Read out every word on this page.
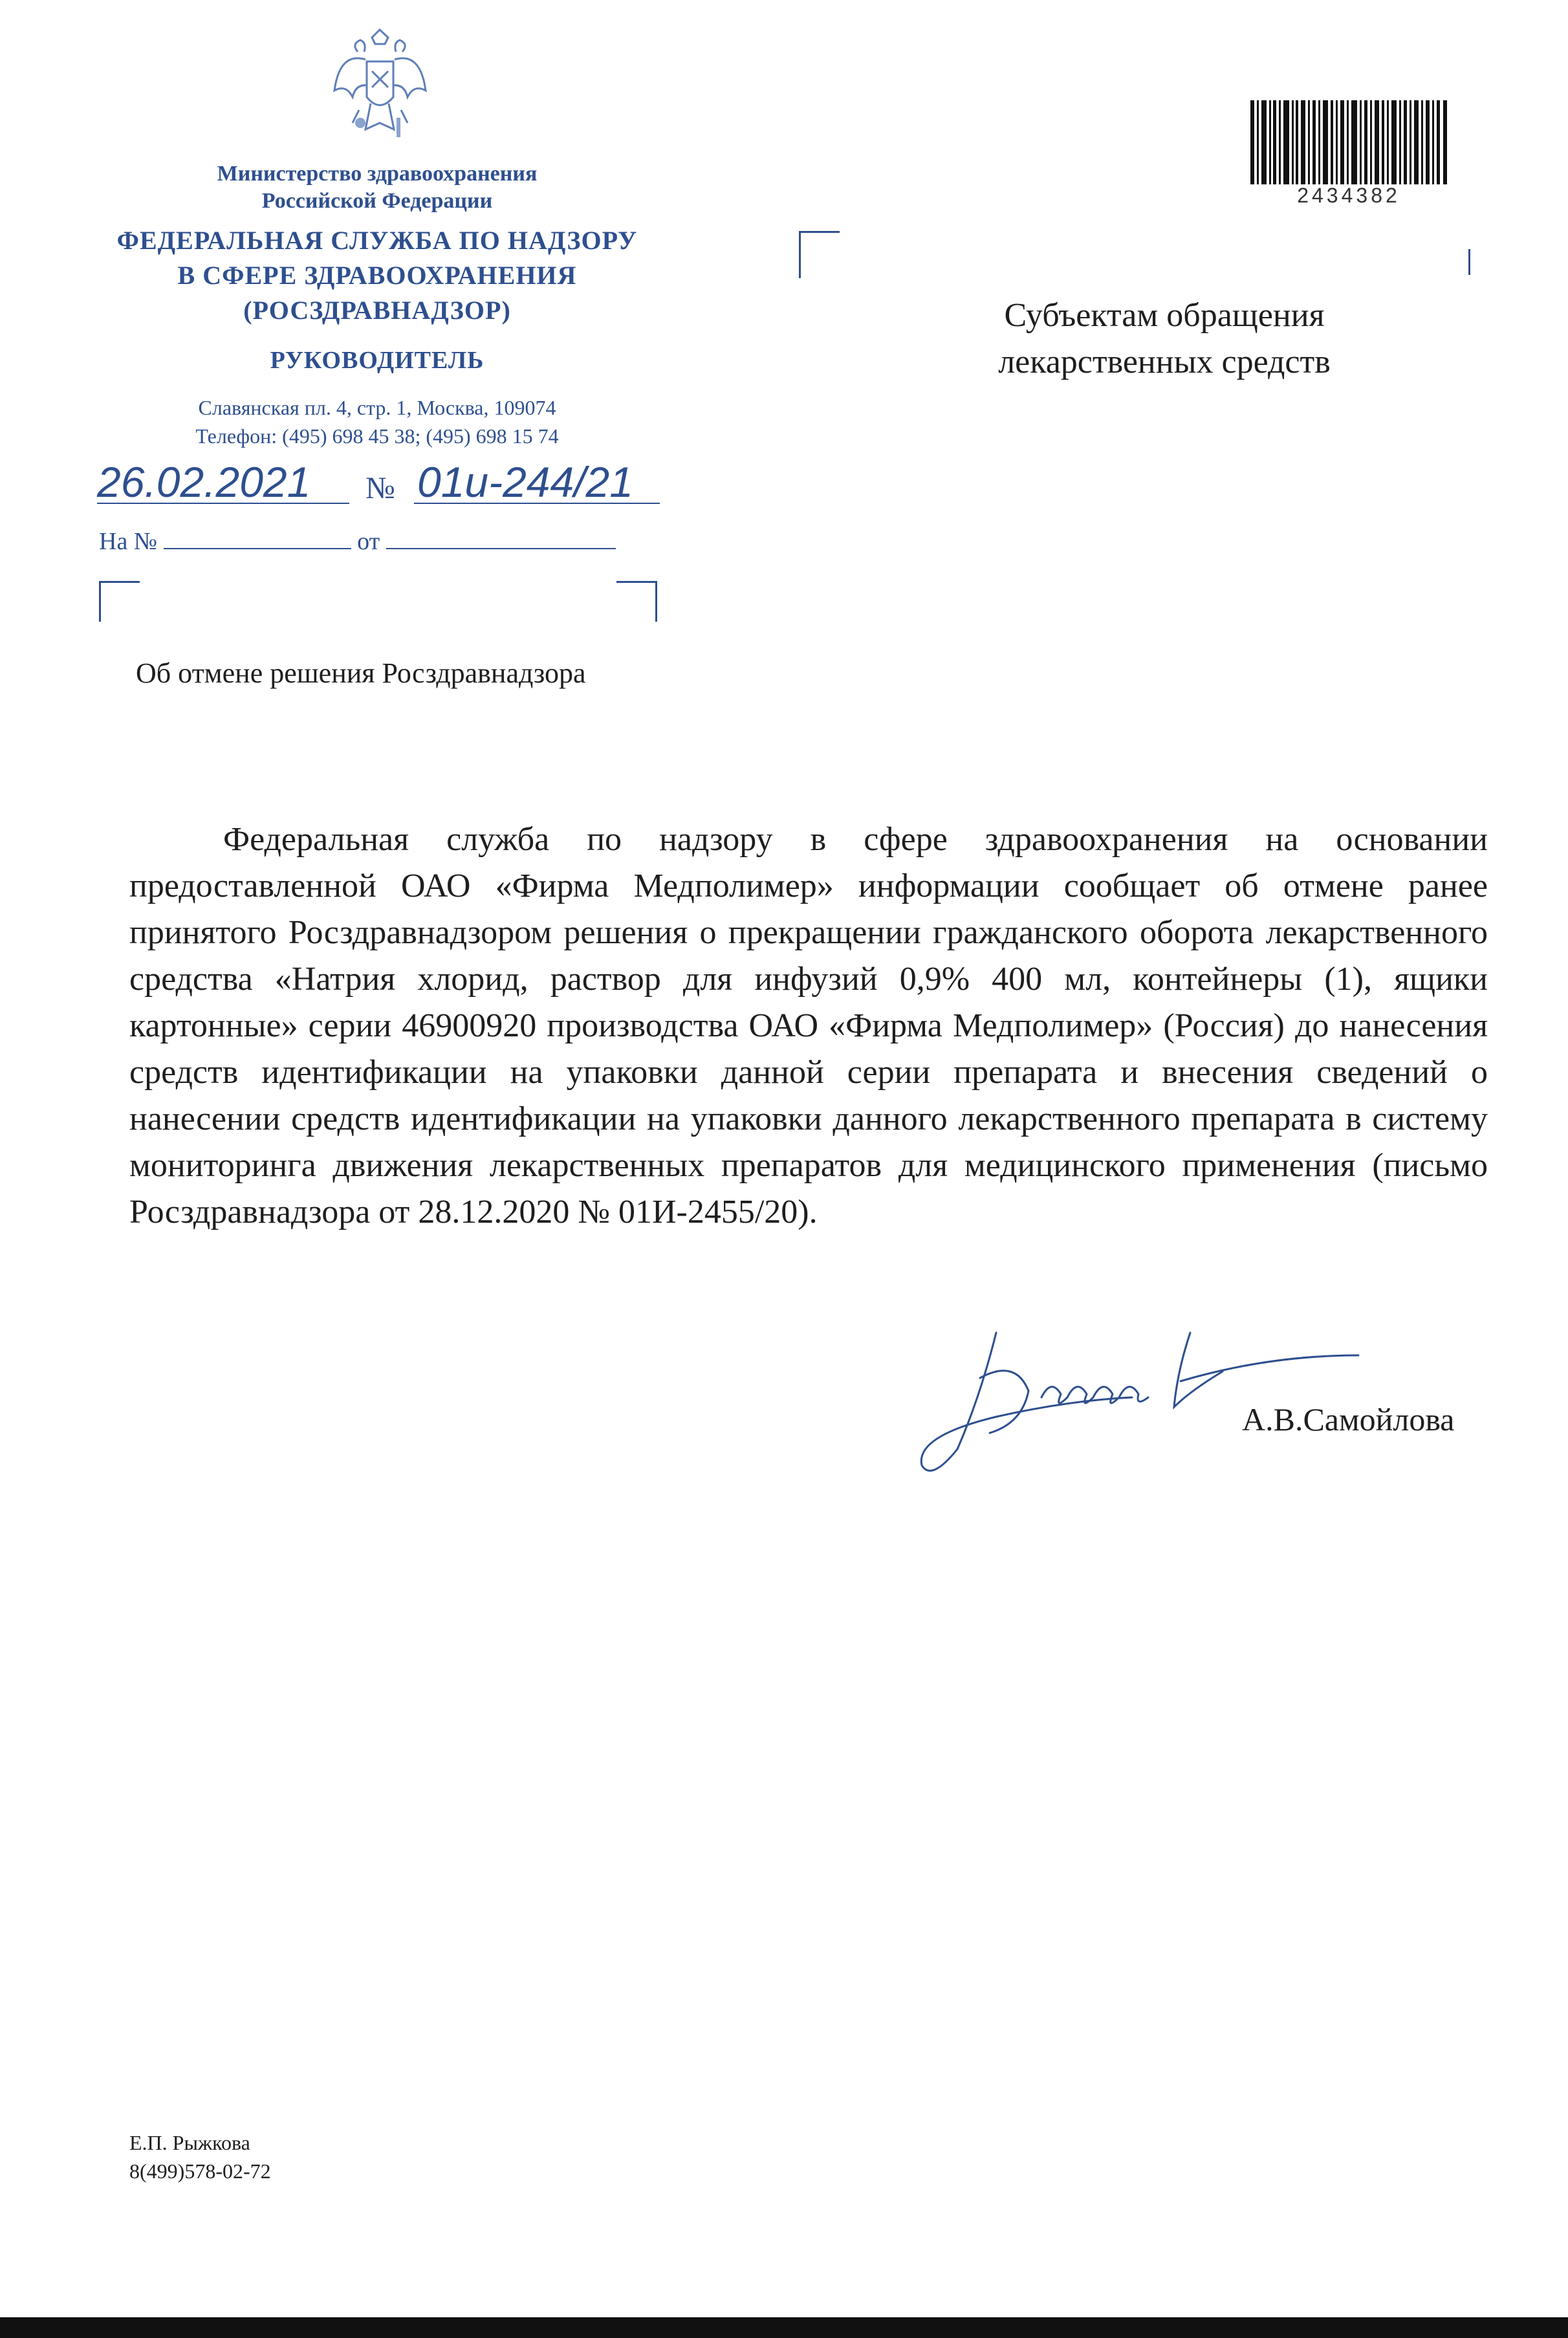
Министерство здравоохранения
Российской Федерации
ФЕДЕРАЛЬНАЯ СЛУЖБА ПО НАДЗОРУ
В СФЕРЕ ЗДРАВООХРАНЕНИЯ
(РОСЗДРАВНАДЗОР)
РУКОВОДИТЕЛЬ
Славянская пл. 4, стр. 1, Москва, 109074
Телефон: (495) 698 45 38; (495) 698 15 74
26.02.2021 № 01и-244/21
На №	от
2434382
Субъектам обращения
лекарственных средств
Об отмене решения Росздравнадзора
Федеральная служба по надзору в сфере здравоохранения на основании предоставленной ОАО «Фирма Медполимер» информации сообщает об отмене ранее принятого Росздравнадзором решения о прекращении гражданского оборота лекарственного средства «Натрия хлорид, раствор для инфузий 0,9% 400 мл, контейнеры (1), ящики картонные» серии 46900920 производства ОАО «Фирма Медполимер» (Россия) до нанесения средств идентификации на упаковки данной серии препарата и внесения сведений о нанесении средств идентификации на упаковки данного лекарственного препарата в систему мониторинга движения лекарственных препаратов для медицинского применения (письмо Росздравнадзора от 28.12.2020 № 01И-2455/20).
А.В.Самойлова
Е.П. Рыжкова
8(499)578-02-72
